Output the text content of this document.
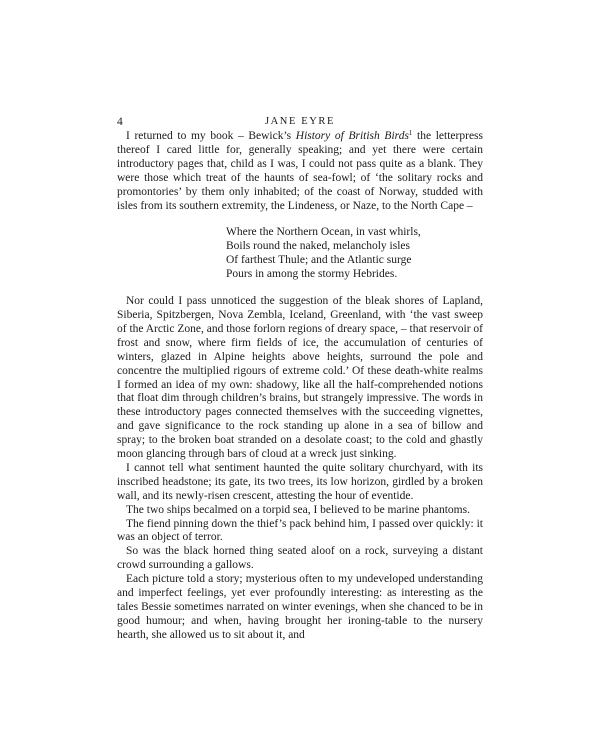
4	JANE EYRE

I returned to my book – Bewick’s History of British Birds$^1$ the letterpress thereof I cared little for, generally speaking; and yet there were certain introductory pages that, child as I was, I could not pass quite as a blank. They were those which treat of the haunts of sea-fowl; of ‘the solitary rocks and promontories’ by them only inhabited; of the coast of Norway, studded with isles from its southern extremity, the Lindeness, or Naze, to the North Cape –

Where the Northern Ocean, in vast whirls,
Boils round the naked, melancholy isles
Of farthest Thule; and the Atlantic surge
Pours in among the stormy Hebrides.

Nor could I pass unnoticed the suggestion of the bleak shores of Lapland, Siberia, Spitzbergen, Nova Zembla, Iceland, Greenland, with ‘the vast sweep of the Arctic Zone, and those forlorn regions of dreary space, – that reservoir of frost and snow, where firm fields of ice, the accumulation of centuries of winters, glazed in Alpine heights above heights, surround the pole and concentre the multiplied rigours of extreme cold.’ Of these death-white realms I formed an idea of my own: shadowy, like all the half-comprehended notions that float dim through children’s brains, but strangely impressive. The words in these introductory pages connected themselves with the succeeding vignettes, and gave significance to the rock standing up alone in a sea of billow and spray; to the broken boat stranded on a desolate coast; to the cold and ghastly moon glancing through bars of cloud at a wreck just sinking.

I cannot tell what sentiment haunted the quite solitary churchyard, with its inscribed headstone; its gate, its two trees, its low horizon, girdled by a broken wall, and its newly-risen crescent, attesting the hour of eventide.

The two ships becalmed on a torpid sea, I believed to be marine phantoms.

The fiend pinning down the thief’s pack behind him, I passed over quickly: it was an object of terror.

So was the black horned thing seated aloof on a rock, surveying a distant crowd surrounding a gallows.

Each picture told a story; mysterious often to my undeveloped understanding and imperfect feelings, yet ever profoundly interesting: as interesting as the tales Bessie sometimes narrated on winter evenings, when she chanced to be in good humour; and when, having brought her ironing-table to the nursery hearth, she allowed us to sit about it, and
